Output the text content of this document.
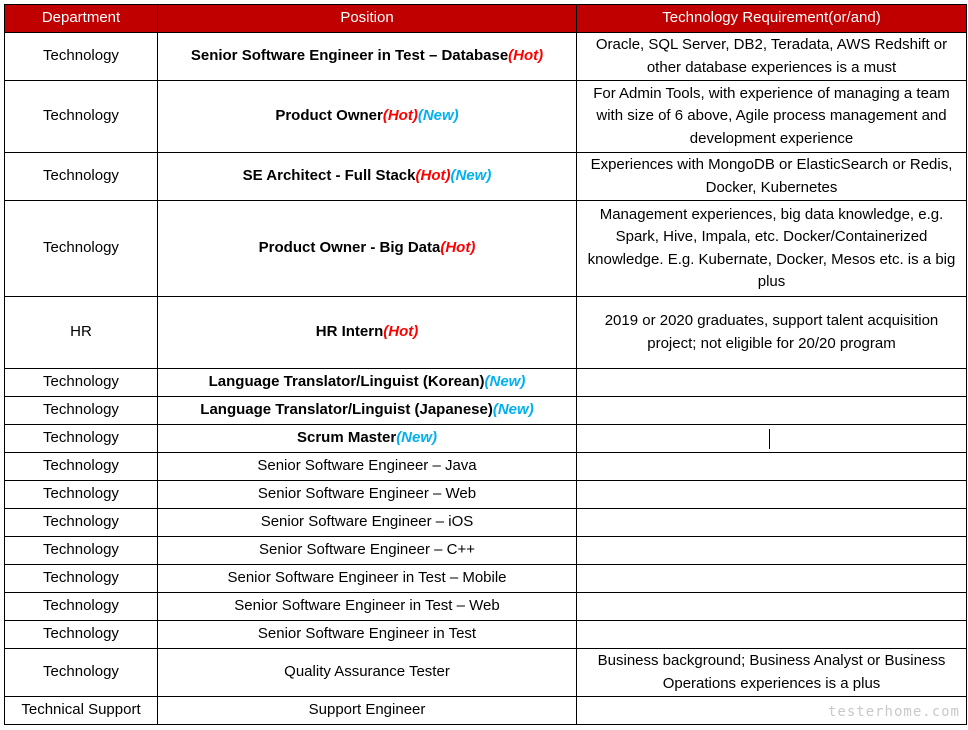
Department	Position	Technology Requirement(or/and)
Technology	Senior Software Engineer in Test – Database(Hot)	Oracle, SQL Server, DB2, Teradata, AWS Redshift or other database experiences is a must
Technology	Product Owner(Hot)(New)	For Admin Tools, with experience of managing a team with size of 6 above, Agile process management and development experience
Technology	SE Architect - Full Stack(Hot)(New)	Experiences with MongoDB or ElasticSearch or Redis, Docker, Kubernetes
Technology	Product Owner - Big Data(Hot)	Management experiences, big data knowledge, e.g. Spark, Hive, Impala, etc. Docker/Containerized knowledge. E.g. Kubernate, Docker, Mesos etc. is a big plus
HR	HR Intern(Hot)	2019 or 2020 graduates, support talent acquisition project; not eligible for 20/20 program
Technology	Language Translator/Linguist (Korean)(New)	
Technology	Language Translator/Linguist (Japanese)(New)	
Technology	Scrum Master(New)	
Technology	Senior Software Engineer – Java	
Technology	Senior Software Engineer – Web	
Technology	Senior Software Engineer – iOS	
Technology	Senior Software Engineer – C++	
Technology	Senior Software Engineer in Test – Mobile	
Technology	Senior Software Engineer in Test – Web	
Technology	Senior Software Engineer in Test	
Technology	Quality Assurance Tester	Business background; Business Analyst or Business Operations experiences is a plus
Technical Support	Support Engineer		testerhome.com
